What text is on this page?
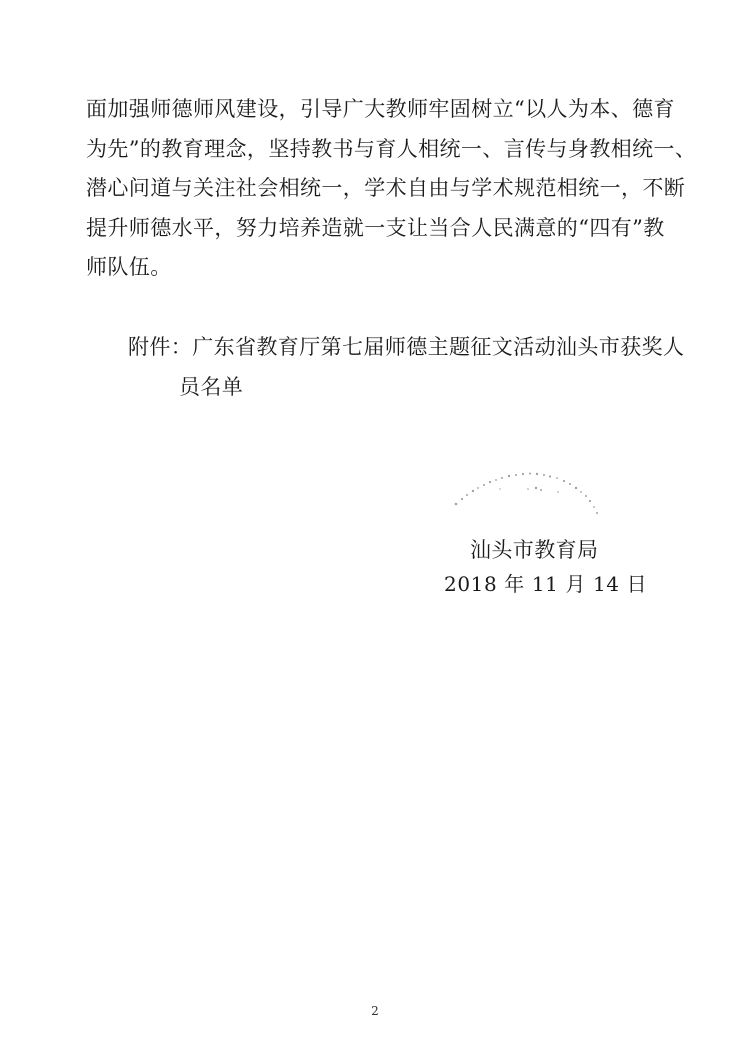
面加强师德师风建设，引导广大教师牢固树立“以人为本、德育
为先”的教育理念，坚持教书与育人相统一、言传与身教相统一、
潜心问道与关注社会相统一，学术自由与学术规范相统一，不断
提升师德水平，努力培养造就一支让当合人民满意的“四有”教
师队伍。
附件：广东省教育厅第七届师德主题征文活动汕头市获奖人
员名单
汕头市教育局
2018 年 11 月 14 日
2
